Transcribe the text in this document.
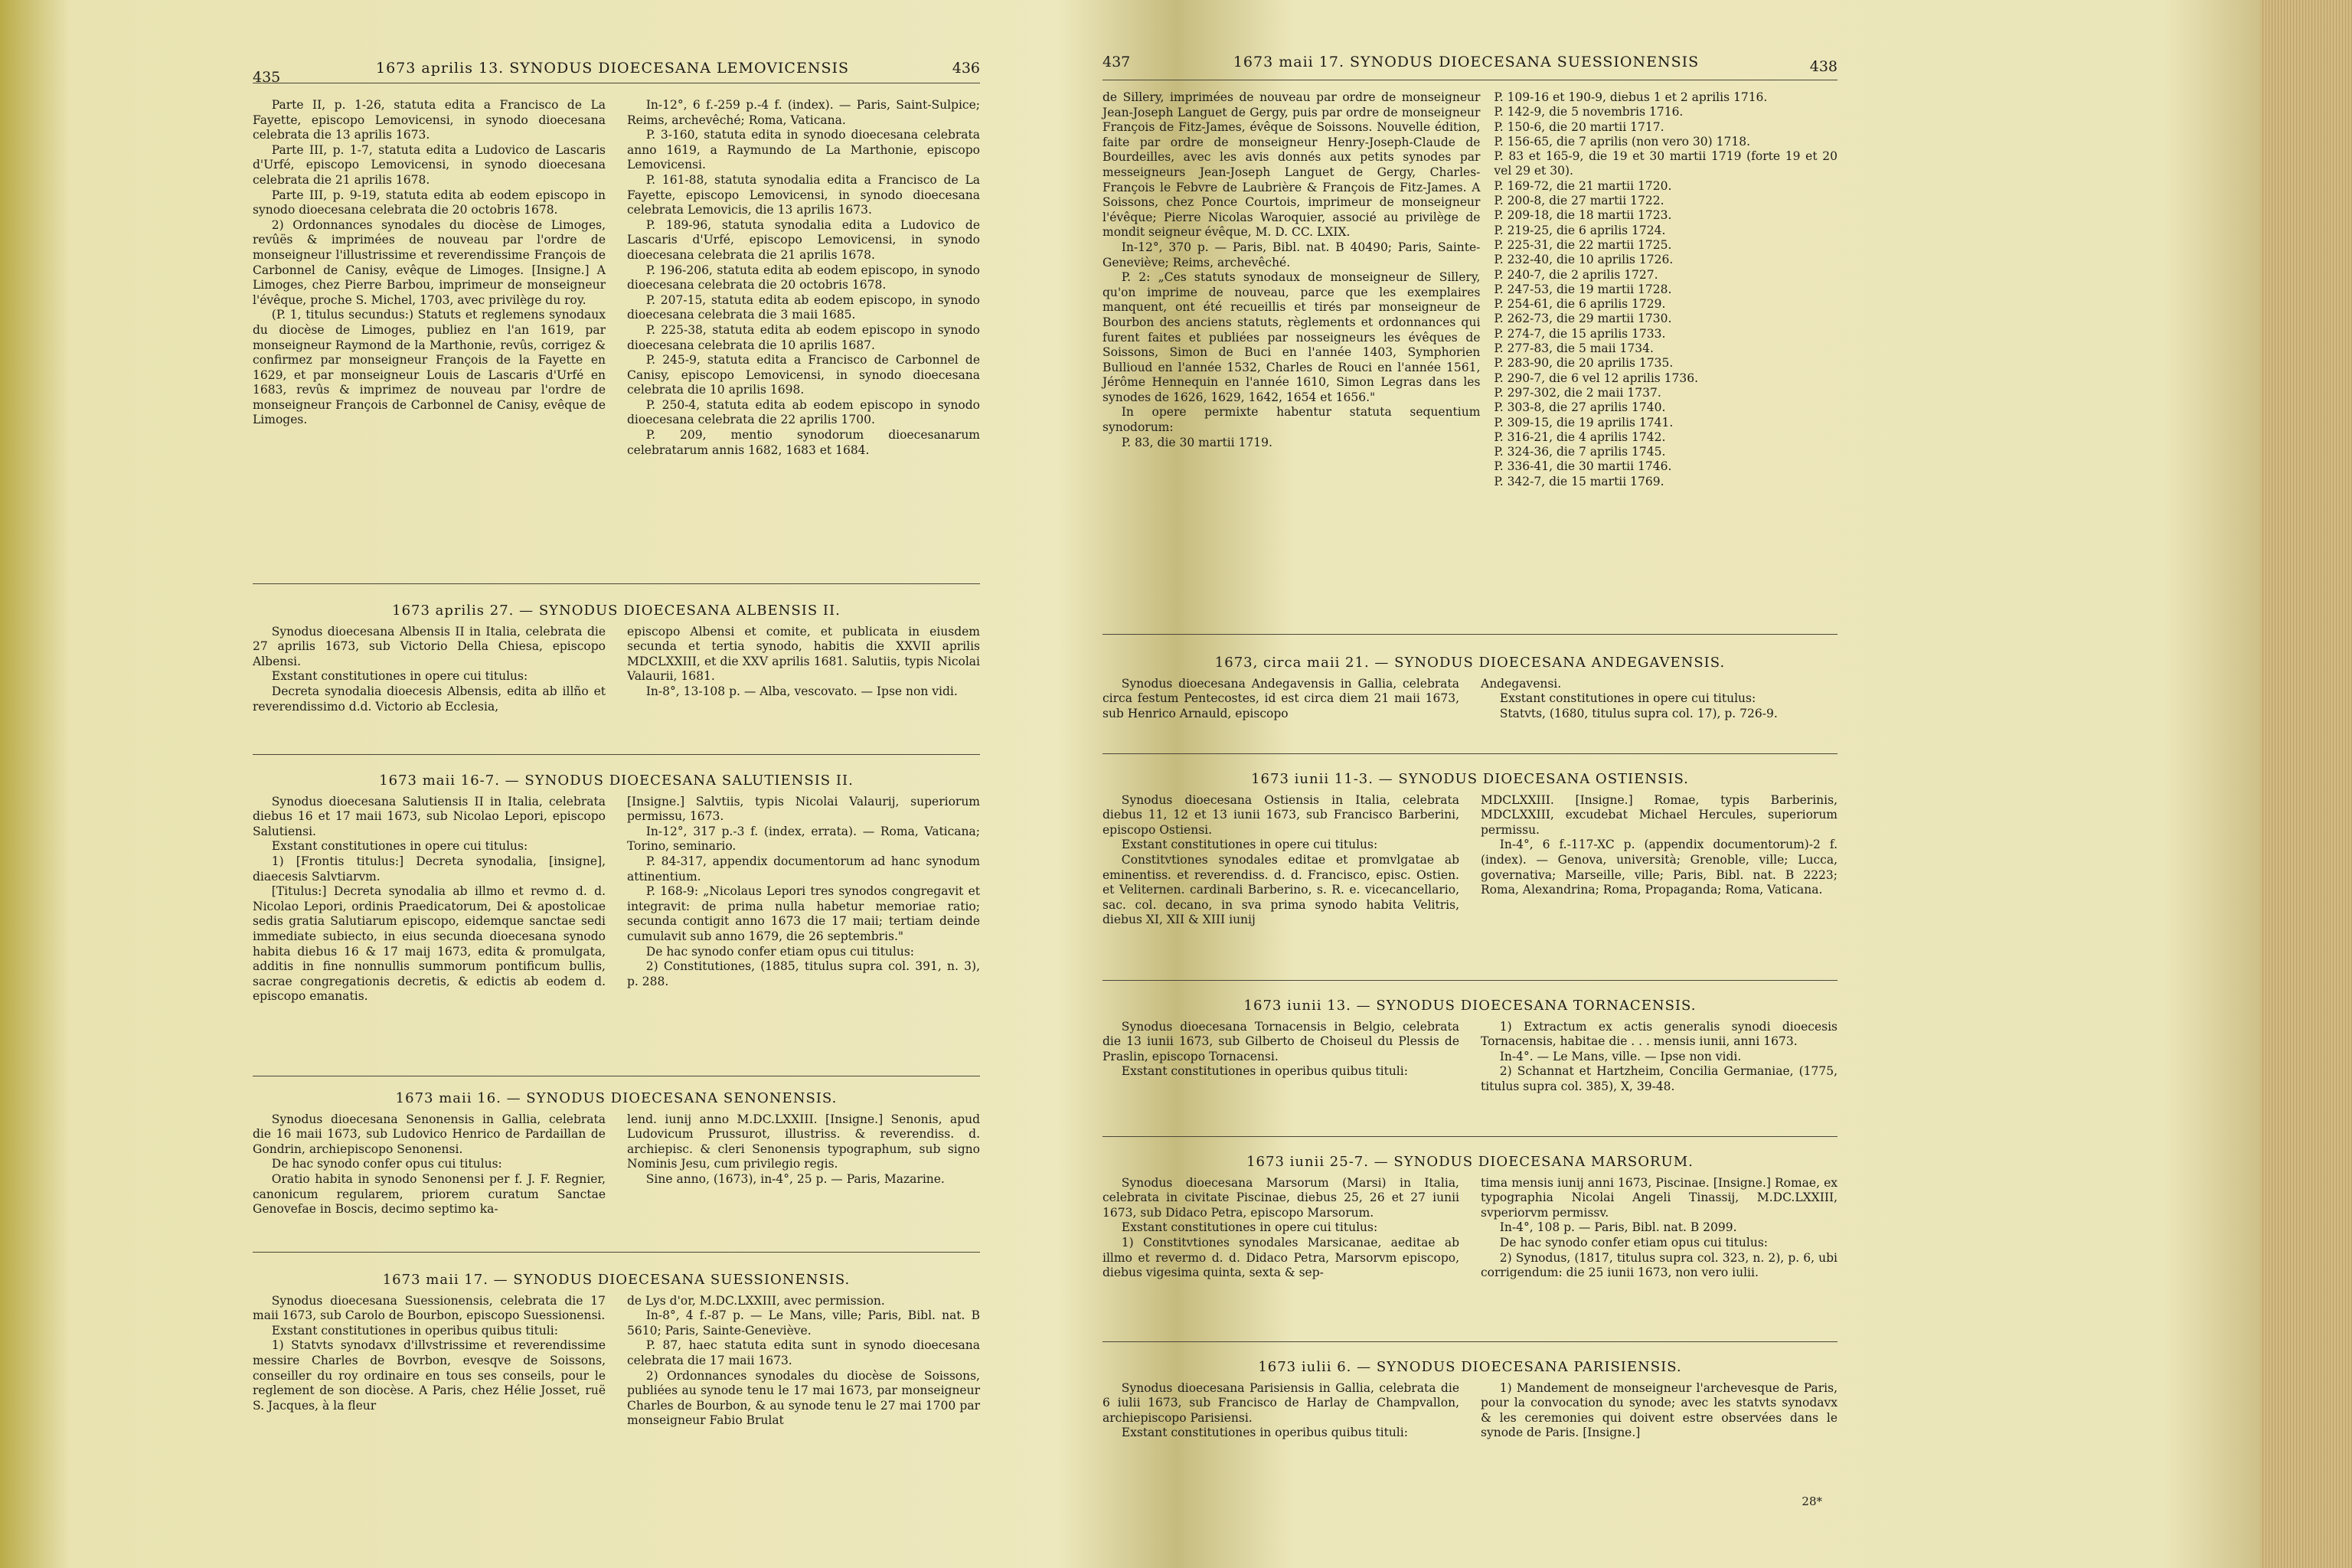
435
1673 aprilis 13. SYNODUS DIOECESANA LEMOVICENSIS	436

Parte II, p. 1-26, statuta edita a Francisco de La Fayette, episcopo Lemovicensi, in synodo dioecesana celebrata die 13 aprilis 1673.

Parte III, p. 1-7, statuta edita a Ludovico de Lascaris d'Urfé, episcopo Lemovicensi, in synodo dioecesana celebrata die 21 aprilis 1678.

Parte III, p. 9-19, statuta edita ab eodem episcopo in synodo dioecesana celebrata die 20 octobris 1678.

2) Ordonnances synodales du diocèse de Limoges, revûës & imprimées de nouveau par l'ordre de monseigneur l'illustrissime et reverendissime François de Carbonnel de Canisy, evêque de Limoges. [Insigne.] A Limoges, chez Pierre Barbou, imprimeur de monseigneur l'évêque, proche S. Michel, 1703, avec privilège du roy.

(P. 1, titulus secundus:) Statuts et reglemens synodaux du diocèse de Limoges, publiez en l'an 1619, par monseigneur Raymond de la Marthonie, revûs, corrigez & confirmez par monseigneur François de la Fayette en 1629, et par monseigneur Louis de Lascaris d'Urfé en 1683, revûs & imprimez de nouveau par l'ordre de monseigneur François de Carbonnel de Canisy, evêque de Limoges.

In-12°, 6 f.-259 p.-4 f. (index). — Paris, Saint-Sulpice; Reims, archevêché; Roma, Vaticana.

P. 3-160, statuta edita in synodo dioecesana celebrata anno 1619, a Raymundo de La Marthonie, episcopo Lemovicensi.

P. 161-88, statuta synodalia edita a Francisco de La Fayette, episcopo Lemovicensi, in synodo dioecesana celebrata Lemovicis, die 13 aprilis 1673.

P. 189-96, statuta synodalia edita a Ludovico de Lascaris d'Urfé, episcopo Lemovicensi, in synodo dioecesana celebrata die 21 aprilis 1678.

P. 196-206, statuta edita ab eodem episcopo, in synodo dioecesana celebrata die 20 octobris 1678.

P. 207-15, statuta edita ab eodem episcopo, in synodo dioecesana celebrata die 3 maii 1685.

P. 225-38, statuta edita ab eodem episcopo in synodo dioecesana celebrata die 10 aprilis 1687.

P. 245-9, statuta edita a Francisco de Carbonnel de Canisy, episcopo Lemovicensi, in synodo dioecesana celebrata die 10 aprilis 1698.

P. 250-4, statuta edita ab eodem episcopo in synodo dioecesana celebrata die 22 aprilis 1700.

P. 209, mentio synodorum dioecesanarum celebratarum annis 1682, 1683 et 1684.

1673 aprilis 27. — SYNODUS DIOECESANA ALBENSIS II.

Synodus dioecesana Albensis II in Italia, celebrata die 27 aprilis 1673, sub Victorio Della Chiesa, episcopo Albensi.

Exstant constitutiones in opere cui titulus:

Decreta synodalia dioecesis Albensis, edita ab illño et reverendissimo d.d. Victorio ab Ecclesia,

episcopo Albensi et comite, et publicata in eiusdem secunda et tertia synodo, habitis die XXVII aprilis MDCLXXIII, et die XXV aprilis 1681. Salutiis, typis Nicolai Valaurii, 1681.

In-8°, 13-108 p. — Alba, vescovato. — Ipse non vidi.

1673 maii 16-7. — SYNODUS DIOECESANA SALUTIENSIS II.

Synodus dioecesana Salutiensis II in Italia, celebrata diebus 16 et 17 maii 1673, sub Nicolao Lepori, episcopo Salutiensi.

Exstant constitutiones in opere cui titulus:

1) [Frontis titulus:] Decreta synodalia, [insigne], diaecesis Salvtiarvm.

[Titulus:] Decreta synodalia ab illmo et revmo d. d. Nicolao Lepori, ordinis Praedicatorum, Dei & apostolicae sedis gratia Salutiarum episcopo, eidemque sanctae sedi immediate subiecto, in eius secunda dioecesana synodo habita diebus 16 & 17 maij 1673, edita & promulgata, additis in fine nonnullis summorum pontificum bullis, sacrae congregationis decretis, & edictis ab eodem d. episcopo emanatis.

[Insigne.] Salvtiis, typis Nicolai Valaurij, superiorum permissu, 1673.

In-12°, 317 p.-3 f. (index, errata). — Roma, Vaticana; Torino, seminario.

P. 84-317, appendix documentorum ad hanc synodum attinentium.

P. 168-9: „Nicolaus Lepori tres synodos congregavit et integravit: de prima nulla habetur memoriae ratio; secunda contigit anno 1673 die 17 maii; tertiam deinde cumulavit sub anno 1679, die 26 septembris."

De hac synodo confer etiam opus cui titulus:

2) Constitutiones, (1885, titulus supra col. 391, n. 3), p. 288.

1673 maii 16. — SYNODUS DIOECESANA SENONENSIS.

Synodus dioecesana Senonensis in Gallia, celebrata die 16 maii 1673, sub Ludovico Henrico de Pardaillan de Gondrin, archiepiscopo Senonensi.

De hac synodo confer opus cui titulus:

Oratio habita in synodo Senonensi per f. J. F. Regnier, canonicum regularem, priorem curatum Sanctae Genovefae in Boscis, decimo septimo ka-

lend. iunij anno M.DC.LXXIII. [Insigne.] Senonis, apud Ludovicum Prussurot, illustriss. & reverendiss. d. archiepisc. & cleri Senonensis typographum, sub signo Nominis Jesu, cum privilegio regis.

Sine anno, (1673), in-4°, 25 p. — Paris, Mazarine.

1673 maii 17. — SYNODUS DIOECESANA SUESSIONENSIS.

Synodus dioecesana Suessionensis, celebrata die 17 maii 1673, sub Carolo de Bourbon, episcopo Suessionensi.

Exstant constitutiones in operibus quibus tituli:

1) Statvts synodavx d'illvstrissime et reverendissime messire Charles de Bovrbon, evesqve de Soissons, conseiller du roy ordinaire en tous ses conseils, pour le reglement de son diocèse. A Paris, chez Hélie Josset, ruë S. Jacques, à la fleur

de Lys d'or, M.DC.LXXIII, avec permission.

In-8°, 4 f.-87 p. — Le Mans, ville; Paris, Bibl. nat. B 5610; Paris, Sainte-Geneviève.

P. 87, haec statuta edita sunt in synodo dioecesana celebrata die 17 maii 1673.

2) Ordonnances synodales du diocèse de Soissons, publiées au synode tenu le 17 mai 1673, par monseigneur Charles de Bourbon, & au synode tenu le 27 mai 1700 par monseigneur Fabio Brulat

437	1673 maii 17. SYNODUS DIOECESANA SUESSIONENSIS	438

de Sillery, imprimées de nouveau par ordre de monseigneur Jean-Joseph Languet de Gergy, puis par ordre de monseigneur François de Fitz-James, évêque de Soissons. Nouvelle édition, faite par ordre de monseigneur Henry-Joseph-Claude de Bourdeilles, avec les avis donnés aux petits synodes par messeigneurs Jean-Joseph Languet de Gergy, Charles-François le Febvre de Laubrière & François de Fitz-James. A Soissons, chez Ponce Courtois, imprimeur de monseigneur l'évêque; Pierre Nicolas Waroquier, associé au privilège de mondit seigneur évêque, M. D. CC. LXIX.

In-12°, 370 p. — Paris, Bibl. nat. B 40490; Paris, Sainte-Geneviève; Reims, archevêché.

P. 2: „Ces statuts synodaux de monseigneur de Sillery, qu'on imprime de nouveau, parce que les exemplaires manquent, ont été recueillis et tirés par monseigneur de Bourbon des anciens statuts, règlements et ordonnances qui furent faites et publiées par nosseigneurs les évêques de Soissons, Simon de Buci en l'année 1403, Symphorien Bullioud en l'année 1532, Charles de Rouci en l'année 1561, Jérôme Hennequin en l'année 1610, Simon Legras dans les synodes de 1626, 1629, 1642, 1654 et 1656."

In opere permixte habentur statuta sequentium synodorum:

P. 83, die 30 martii 1719.

P. 109-16 et 190-9, diebus 1 et 2 aprilis 1716.

P. 142-9, die 5 novembris 1716.

P. 150-6, die 20 martii 1717.

P. 156-65, die 7 aprilis (non vero 30) 1718.

P. 83 et 165-9, die 19 et 30 martii 1719 (forte 19 et 20 vel 29 et 30).

P. 169-72, die 21 martii 1720.

P. 200-8, die 27 martii 1722.

P. 209-18, die 18 martii 1723.

P. 219-25, die 6 aprilis 1724.

P. 225-31, die 22 martii 1725.

P. 232-40, die 10 aprilis 1726.

P. 240-7, die 2 aprilis 1727.

P. 247-53, die 19 martii 1728.

P. 254-61, die 6 aprilis 1729.

P. 262-73, die 29 martii 1730.

P. 274-7, die 15 aprilis 1733.

P. 277-83, die 5 maii 1734.

P. 283-90, die 20 aprilis 1735.

P. 290-7, die 6 vel 12 aprilis 1736.

P. 297-302, die 2 maii 1737.

P. 303-8, die 27 aprilis 1740.

P. 309-15, die 19 aprilis 1741.

P. 316-21, die 4 aprilis 1742.

P. 324-36, die 7 aprilis 1745.

P. 336-41, die 30 martii 1746.

P. 342-7, die 15 martii 1769.

1673, circa maii 21. — SYNODUS DIOECESANA ANDEGAVENSIS.

Synodus dioecesana Andegavensis in Gallia, celebrata circa festum Pentecostes, id est circa diem 21 maii 1673, sub Henrico Arnauld, episcopo

Andegavensi.

Exstant constitutiones in opere cui titulus:

Statvts, (1680, titulus supra col. 17), p. 726-9.

1673 iunii 11-3. — SYNODUS DIOECESANA OSTIENSIS.

Synodus dioecesana Ostiensis in Italia, celebrata diebus 11, 12 et 13 iunii 1673, sub Francisco Barberini, episcopo Ostiensi.

Exstant constitutiones in opere cui titulus:

Constitvtiones synodales editae et promvlgatae ab eminentiss. et reverendiss. d. d. Francisco, episc. Ostien. et Veliternen. cardinali Barberino, s. R. e. vicecancellario, sac. col. decano, in sva prima synodo habita Velitris, diebus XI, XII & XIII iunij

MDCLXXIII. [Insigne.] Romae, typis Barberinis, MDCLXXIII, excudebat Michael Hercules, superiorum permissu.

In-4°, 6 f.-117-XC p. (appendix documentorum)-2 f. (index). — Genova, università; Grenoble, ville; Lucca, governativa; Marseille, ville; Paris, Bibl. nat. B 2223; Roma, Alexandrina; Roma, Propaganda; Roma, Vaticana.

1673 iunii 13. — SYNODUS DIOECESANA TORNACENSIS.

Synodus dioecesana Tornacensis in Belgio, celebrata die 13 iunii 1673, sub Gilberto de Choiseul du Plessis de Praslin, episcopo Tornacensi.

Exstant constitutiones in operibus quibus tituli:

1) Extractum ex actis generalis synodi dioecesis Tornacensis, habitae die . . . mensis iunii, anni 1673.

In-4°. — Le Mans, ville. — Ipse non vidi.

2) Schannat et Hartzheim, Concilia Germaniae, (1775, titulus supra col. 385), X, 39-48.

1673 iunii 25-7. — SYNODUS DIOECESANA MARSORUM.

Synodus dioecesana Marsorum (Marsi) in Italia, celebrata in civitate Piscinae, diebus 25, 26 et 27 iunii 1673, sub Didaco Petra, episcopo Marsorum.

Exstant constitutiones in opere cui titulus:

1) Constitvtiones synodales Marsicanae, aeditae ab illmo et revermo d. d. Didaco Petra, Marsorvm episcopo, diebus vigesima quinta, sexta & sep-

tima mensis iunij anni 1673, Piscinae. [Insigne.] Romae, ex typographia Nicolai Angeli Tinassij, M.DC.LXXIII, svperiorvm permissv.

In-4°, 108 p. — Paris, Bibl. nat. B 2099.

De hac synodo confer etiam opus cui titulus:

2) Synodus, (1817, titulus supra col. 323, n. 2), p. 6, ubi corrigendum: die 25 iunii 1673, non vero iulii.

1673 iulii 6. — SYNODUS DIOECESANA PARISIENSIS.

Synodus dioecesana Parisiensis in Gallia, celebrata die 6 iulii 1673, sub Francisco de Harlay de Champvallon, archiepiscopo Parisiensi.

Exstant constitutiones in operibus quibus tituli:

1) Mandement de monseigneur l'archevesque de Paris, pour la convocation du synode; avec les statvts synodavx & les ceremonies qui doivent estre observées dans le synode de Paris. [Insigne.]

28*
